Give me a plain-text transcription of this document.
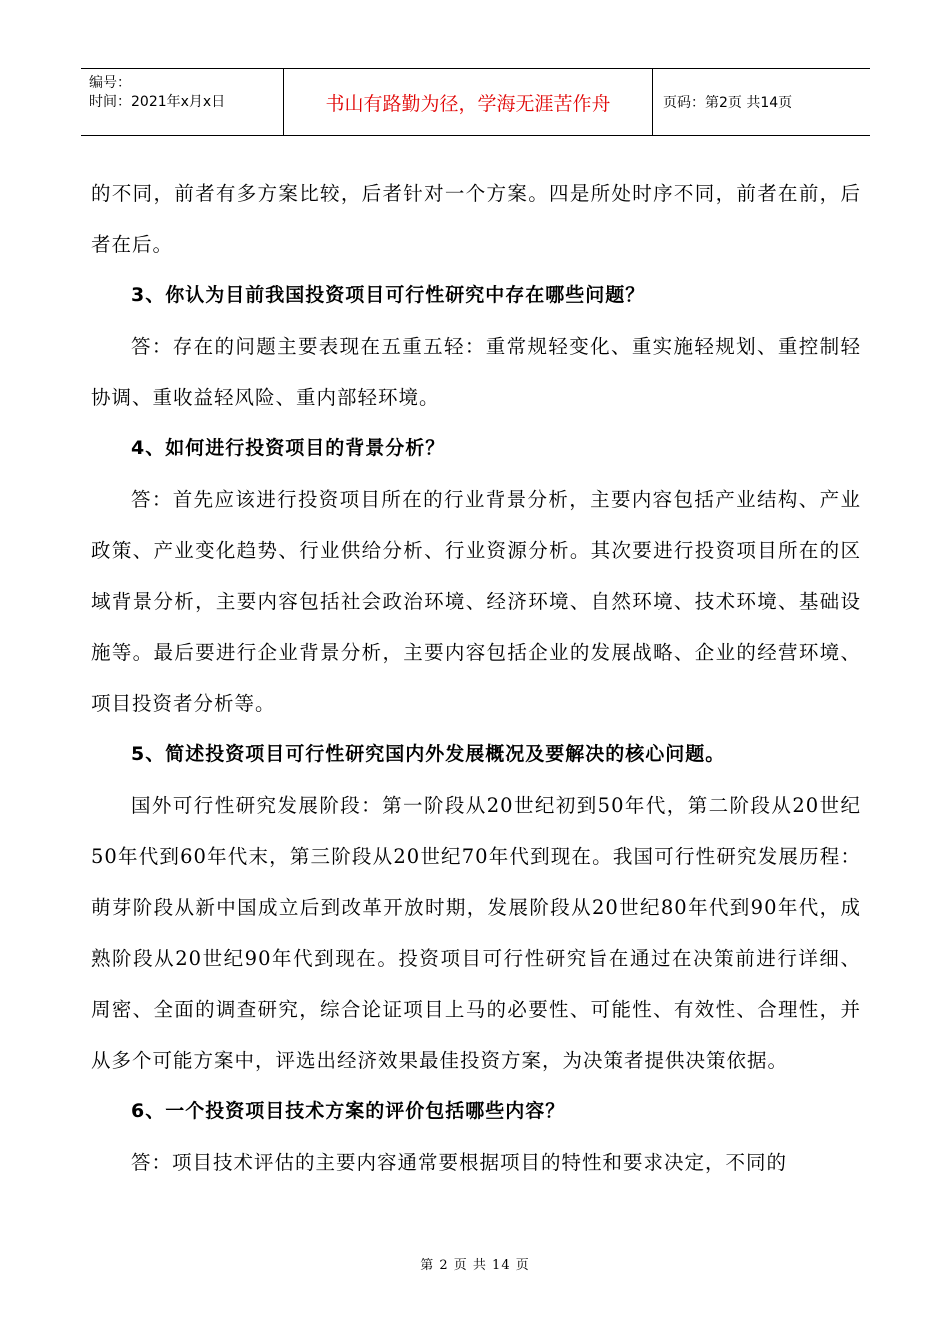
编号：
时间：2021年x月x日	书山有路勤为径，学海无涯苦作舟	页码：第2页 共14页

的不同，前者有多方案比较，后者针对一个方案。四是所处时序不同，前者在前，后者在后。

3、你认为目前我国投资项目可行性研究中存在哪些问题？

答：存在的问题主要表现在五重五轻：重常规轻变化、重实施轻规划、重控制轻协调、重收益轻风险、重内部轻环境。

4、如何进行投资项目的背景分析？

答：首先应该进行投资项目所在的行业背景分析，主要内容包括产业结构、产业政策、产业变化趋势、行业供给分析、行业资源分析。其次要进行投资项目所在的区域背景分析，主要内容包括社会政治环境、经济环境、自然环境、技术环境、基础设施等。最后要进行企业背景分析，主要内容包括企业的发展战略、企业的经营环境、项目投资者分析等。

5、简述投资项目可行性研究国内外发展概况及要解决的核心问题。

国外可行性研究发展阶段：第一阶段从20世纪初到50年代，第二阶段从20世纪50年代到60年代末，第三阶段从20世纪70年代到现在。我国可行性研究发展历程：萌芽阶段从新中国成立后到改革开放时期，发展阶段从20世纪80年代到90年代，成熟阶段从20世纪90年代到现在。投资项目可行性研究旨在通过在决策前进行详细、周密、全面的调查研究，综合论证项目上马的必要性、可能性、有效性、合理性，并从多个可能方案中，评选出经济效果最佳投资方案，为决策者提供决策依据。

6、一个投资项目技术方案的评价包括哪些内容？

答：项目技术评估的主要内容通常要根据项目的特性和要求决定，不同的

第 2 页 共 14 页
